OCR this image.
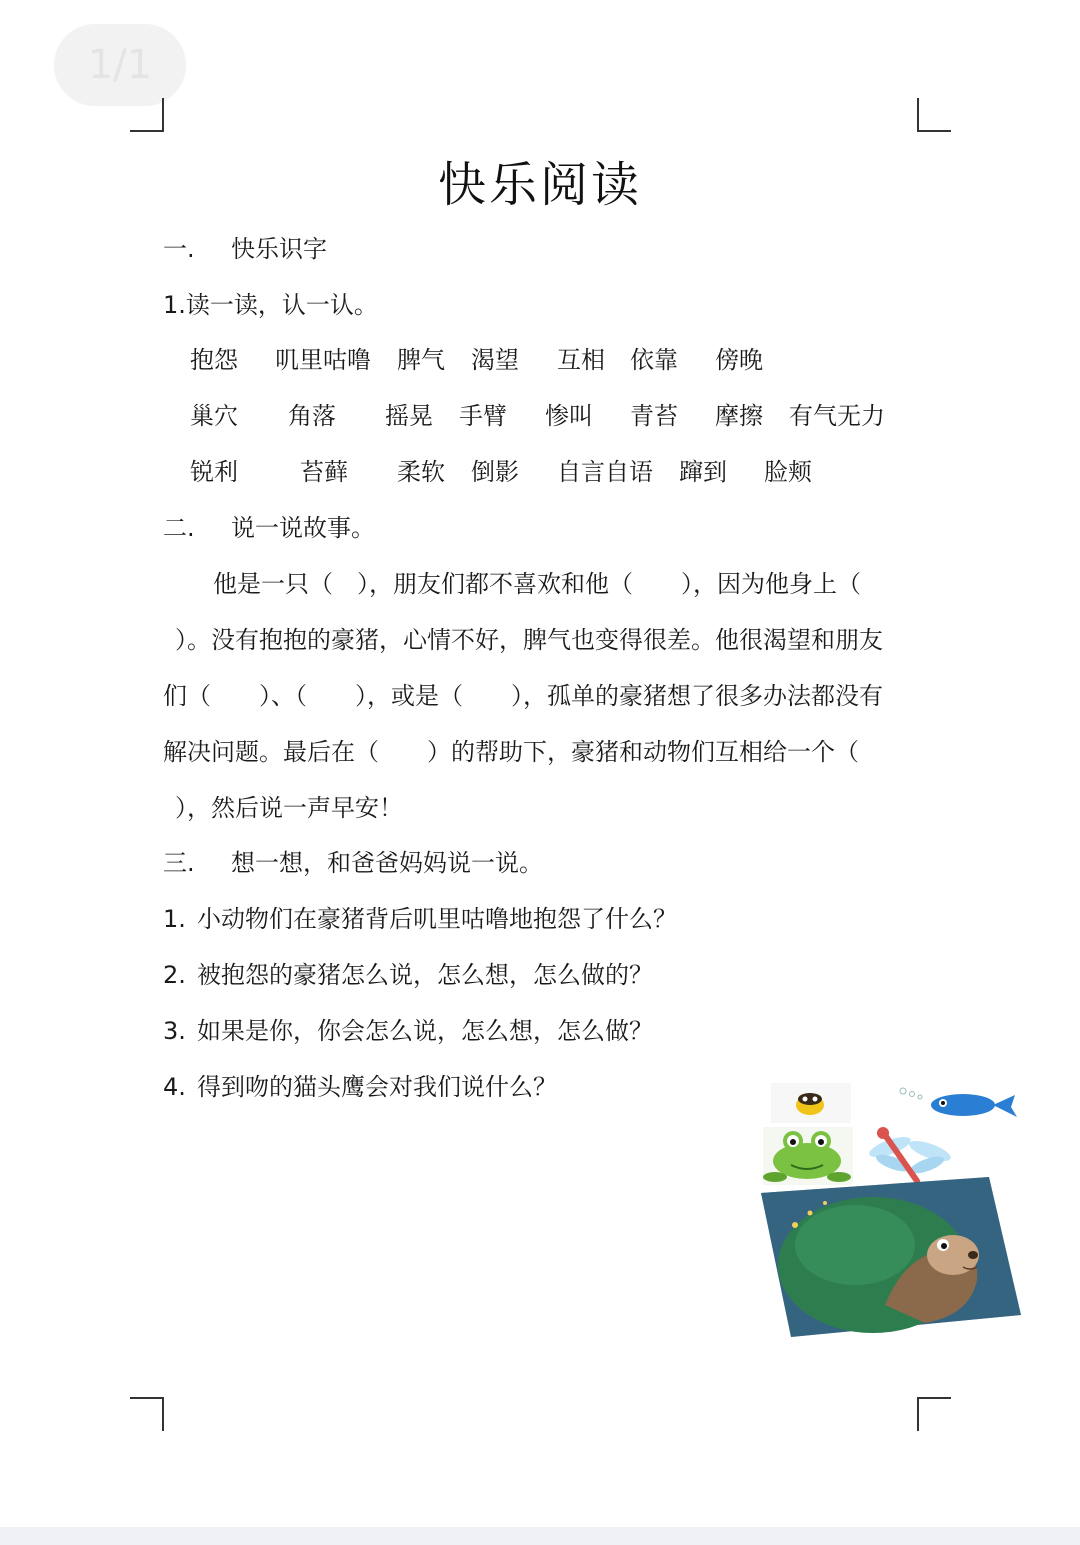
1/1
快乐阅读
一. 快乐识字
1.读一读，认一认。
抱怨 叽里咕噜 脾气 渴望 互相 依靠 傍晚
巢穴 角落 摇晃 手臂 惨叫 青苔 摩擦 有气无力
锐利	苔藓 柔软 倒影 自言自语 蹿到 脸颊
二. 说一说故事。
他是一只（　），朋友们都不喜欢和他（　　），因为他身上（
）。没有抱抱的豪猪，心情不好，脾气也变得很差。他很渴望和朋友
们（　　）、（　　），或是（　　），孤单的豪猪想了很多办法都没有
解决问题。最后在（　　）的帮助下，豪猪和动物们互相给一个（
），然后说一声早安！
三. 想一想，和爸爸妈妈说一说。
1. 小动物们在豪猪背后叽里咕噜地抱怨了什么？
2. 被抱怨的豪猪怎么说，怎么想，怎么做的？
3. 如果是你，你会怎么说，怎么想，怎么做？
4. 得到吻的猫头鹰会对我们说什么？
